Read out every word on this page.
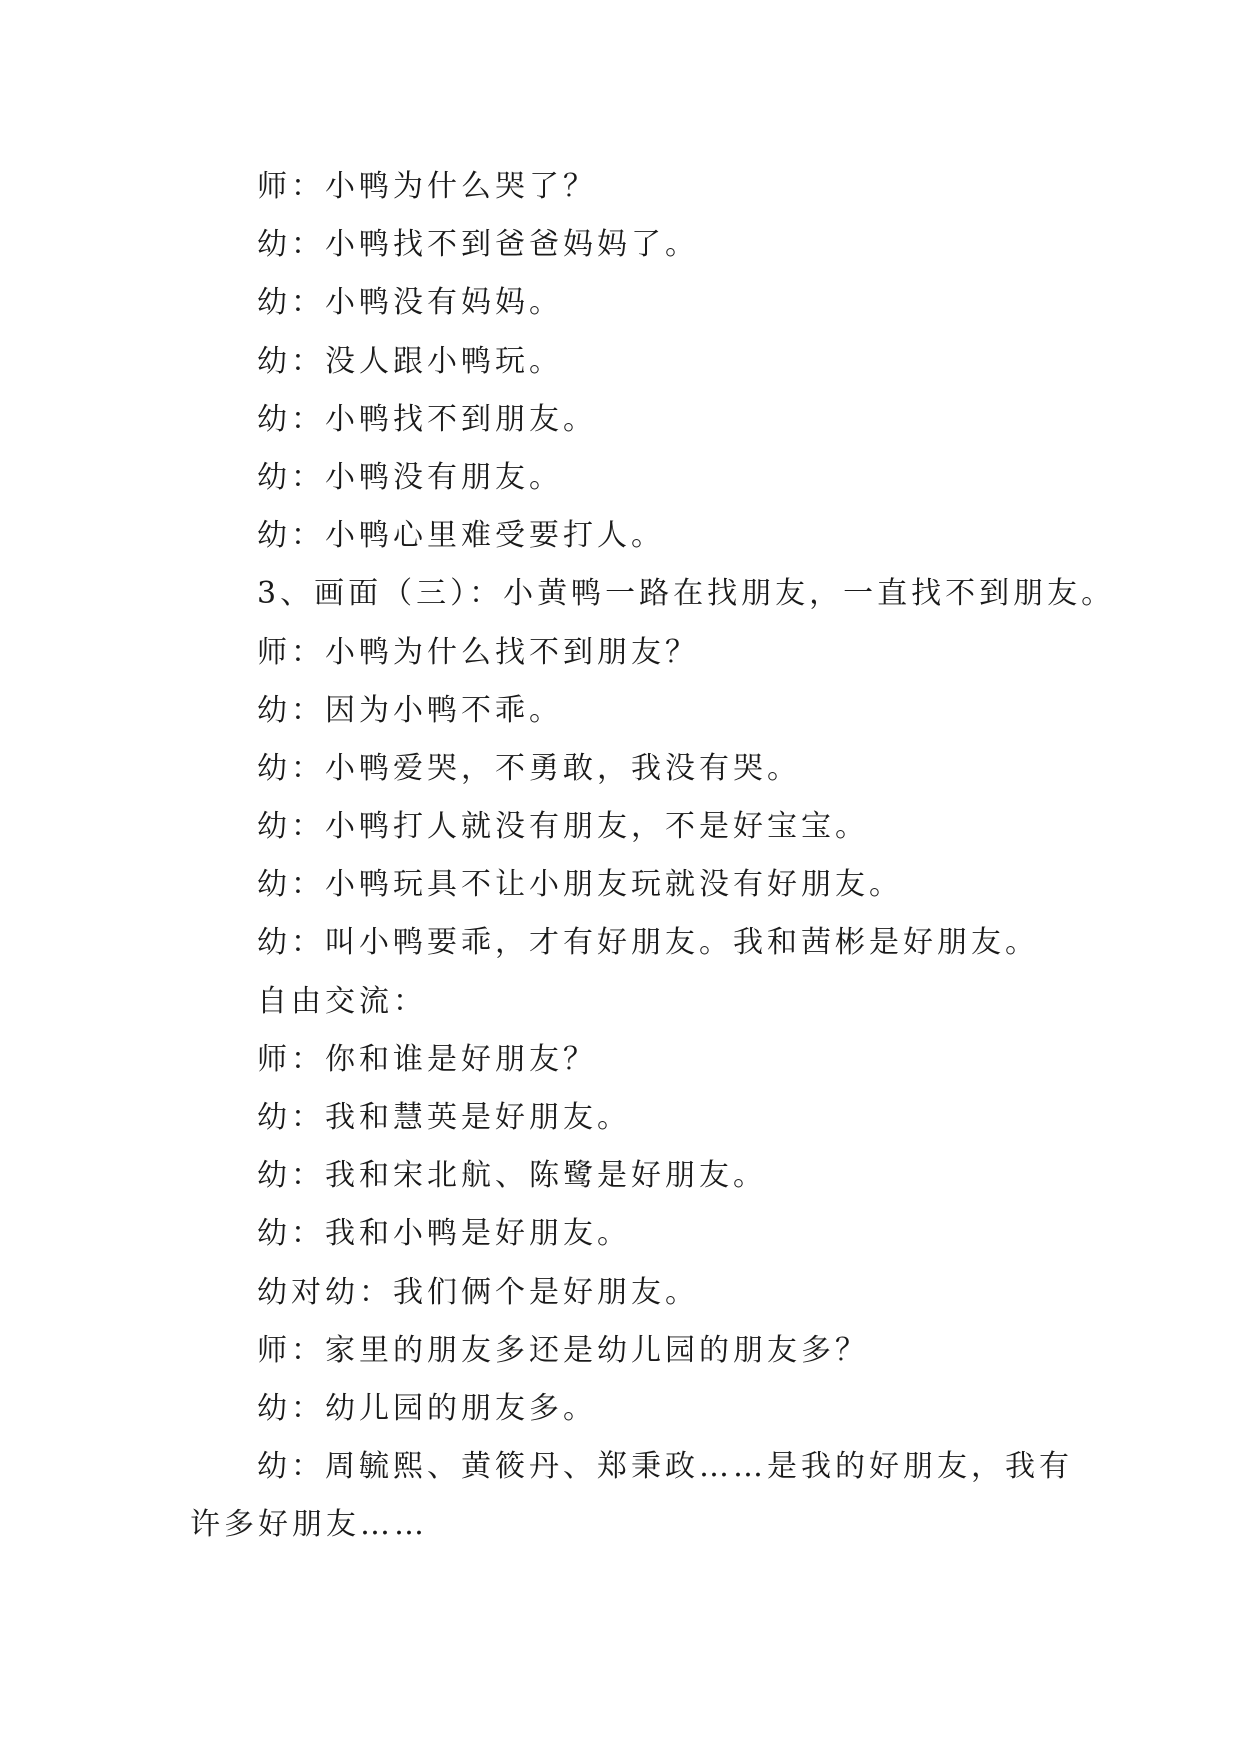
师：小鸭为什么哭了？

幼：小鸭找不到爸爸妈妈了。

幼：小鸭没有妈妈。

幼：没人跟小鸭玩。

幼：小鸭找不到朋友。

幼：小鸭没有朋友。

幼：小鸭心里难受要打人。

3、画面（三）：小黄鸭一路在找朋友，一直找不到朋友。

师：小鸭为什么找不到朋友？

幼：因为小鸭不乖。

幼：小鸭爱哭，不勇敢，我没有哭。

幼：小鸭打人就没有朋友，不是好宝宝。

幼：小鸭玩具不让小朋友玩就没有好朋友。

幼：叫小鸭要乖，才有好朋友。我和茜彬是好朋友。

自由交流：

师：你和谁是好朋友？

幼：我和慧英是好朋友。

幼：我和宋北航、陈鹭是好朋友。

幼：我和小鸭是好朋友。

幼对幼：我们俩个是好朋友。

师：家里的朋友多还是幼儿园的朋友多？

幼：幼儿园的朋友多。

幼：周毓熙、黄筱丹、郑秉政……是我的好朋友，我有

许多好朋友……
